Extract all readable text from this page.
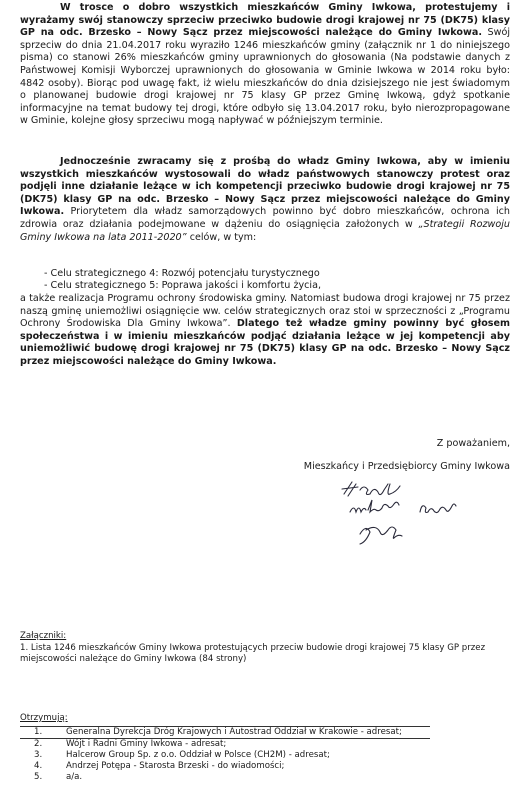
W trosce o dobro wszystkich mieszkańców Gminy Iwkowa, protestujemy i wyrażamy swój stanowczy sprzeciw przeciwko budowie drogi krajowej nr 75 (DK75) klasy GP na odc. Brzesko – Nowy Sącz przez miejscowości należące do Gminy Iwkowa. Swój sprzeciw do dnia 21.04.2017 roku wyraziło 1246 mieszkańców gminy (załącznik nr 1 do niniejszego pisma) co stanowi 26% mieszkańców gminy uprawnionych do głosowania (Na podstawie danych z Państwowej Komisji Wyborczej uprawnionych do głosowania w Gminie Iwkowa w 2014 roku było: 4842 osoby). Biorąc pod uwagę fakt, iż wielu mieszkańców do dnia dzisiejszego nie jest świadomym o planowanej budowie drogi krajowej nr 75 klasy GP przez Gminę Iwkową, gdyż spotkanie informacyjne na temat budowy tej drogi, które odbyło się 13.04.2017 roku, było nierozpropagowane w Gminie, kolejne głosy sprzeciwu mogą napływać w późniejszym terminie.
Jednocześnie zwracamy się z prośbą do władz Gminy Iwkowa, aby w imieniu wszystkich mieszkańców wystosowali do władz państwowych stanowczy protest oraz podjęli inne działanie leżące w ich kompetencji przeciwko budowie drogi krajowej nr 75 (DK75) klasy GP na odc. Brzesko – Nowy Sącz przez miejscowości należące do Gminy Iwkowa. Priorytetem dla władz samorządowych powinno być dobro mieszkańców, ochrona ich zdrowia oraz działania podejmowane w dążeniu do osiągnięcia założonych w „Strategii Rozwoju Gminy Iwkowa na lata 2011-2020” celów, w tym:
- Celu strategicznego 4: Rozwój potencjału turystycznego
- Celu strategicznego 5: Poprawa jakości i komfortu życia,
a także realizacja Programu ochrony środowiska gminy. Natomiast budowa drogi krajowej nr 75 przez naszą gminę uniemożliwi osiągnięcie ww. celów strategicznych oraz stoi w sprzeczności z „Programu Ochrony Środowiska Dla Gminy Iwkowa”. Dlatego też władze gminy powinny być głosem społeczeństwa i w imieniu mieszkańców podjąć działania leżące w jej kompetencji aby uniemożliwić budowę drogi krajowej nr 75 (DK75) klasy GP na odc. Brzesko – Nowy Sącz przez miejscowości należące do Gminy Iwkowa.
Z poważaniem,
Mieszkańcy i Przedsiębiorcy Gminy Iwkowa
Załączniki:
1. Lista 1246 mieszkańców Gminy Iwkowa protestujących przeciw budowie drogi krajowej 75 klasy GP przez miejscowości należące do Gminy Iwkowa (84 strony)
Otrzymują:
1.	Generalna Dyrekcja Dróg Krajowych i Autostrad Oddział w Krakowie - adresat;
2.	Wójt i Radni Gminy Iwkowa - adresat;
3.	Halcerow Group Sp. z o.o. Oddział w Polsce (CH2M) - adresat;
4.	Andrzej Potępa - Starosta Brzeski - do wiadomości;
5.	a/a.
